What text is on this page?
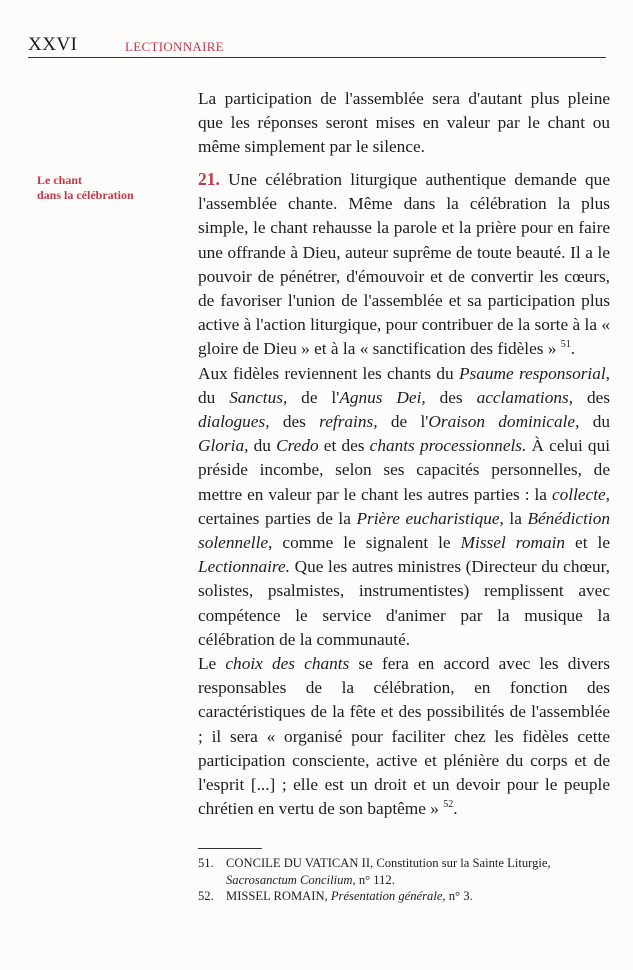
XXVI	LECTIONNAIRE

La participation de l'assemblée sera d'autant plus pleine que les réponses seront mises en valeur par le chant ou même simplement par le silence.

Le chant
dans la célébration

21. Une célébration liturgique authentique demande que l'assemblée chante. Même dans la célébration la plus simple, le chant rehausse la parole et la prière pour en faire une offrande à Dieu, auteur suprême de toute beauté. Il a le pouvoir de pénétrer, d'émouvoir et de convertir les cœurs, de favoriser l'union de l'assemblée et sa participation plus active à l'action liturgique, pour contribuer de la sorte à la « gloire de Dieu » et à la « sanctification des fidèles » $^{51}$.

Aux fidèles reviennent les chants du Psaume responsorial, du Sanctus, de l'Agnus Dei, des acclamations, des dialogues, des refrains, de l'Oraison dominicale, du Gloria, du Credo et des chants processionnels. À celui qui préside incombe, selon ses capacités personnelles, de mettre en valeur par le chant les autres parties : la collecte, certaines parties de la Prière eucharistique, la Bénédiction solennelle, comme le signalent le Missel romain et le Lectionnaire. Que les autres ministres (Directeur du chœur, solistes, psalmistes, instrumentistes) remplissent avec compétence le service d'animer par la musique la célébration de la communauté.

Le choix des chants se fera en accord avec les divers responsables de la célébration, en fonction des caractéristiques de la fête et des possibilités de l'assemblée ; il sera « organisé pour faciliter chez les fidèles cette participation consciente, active et plénière du corps et de l'esprit [...] ; elle est un droit et un devoir pour le peuple chrétien en vertu de son baptême » $^{52}$.

51. CONCILE DU VATICAN II, Constitution sur la Sainte Liturgie, Sacrosanctum Concilium, n° 112.
52. MISSEL ROMAIN, Présentation générale, n° 3.
